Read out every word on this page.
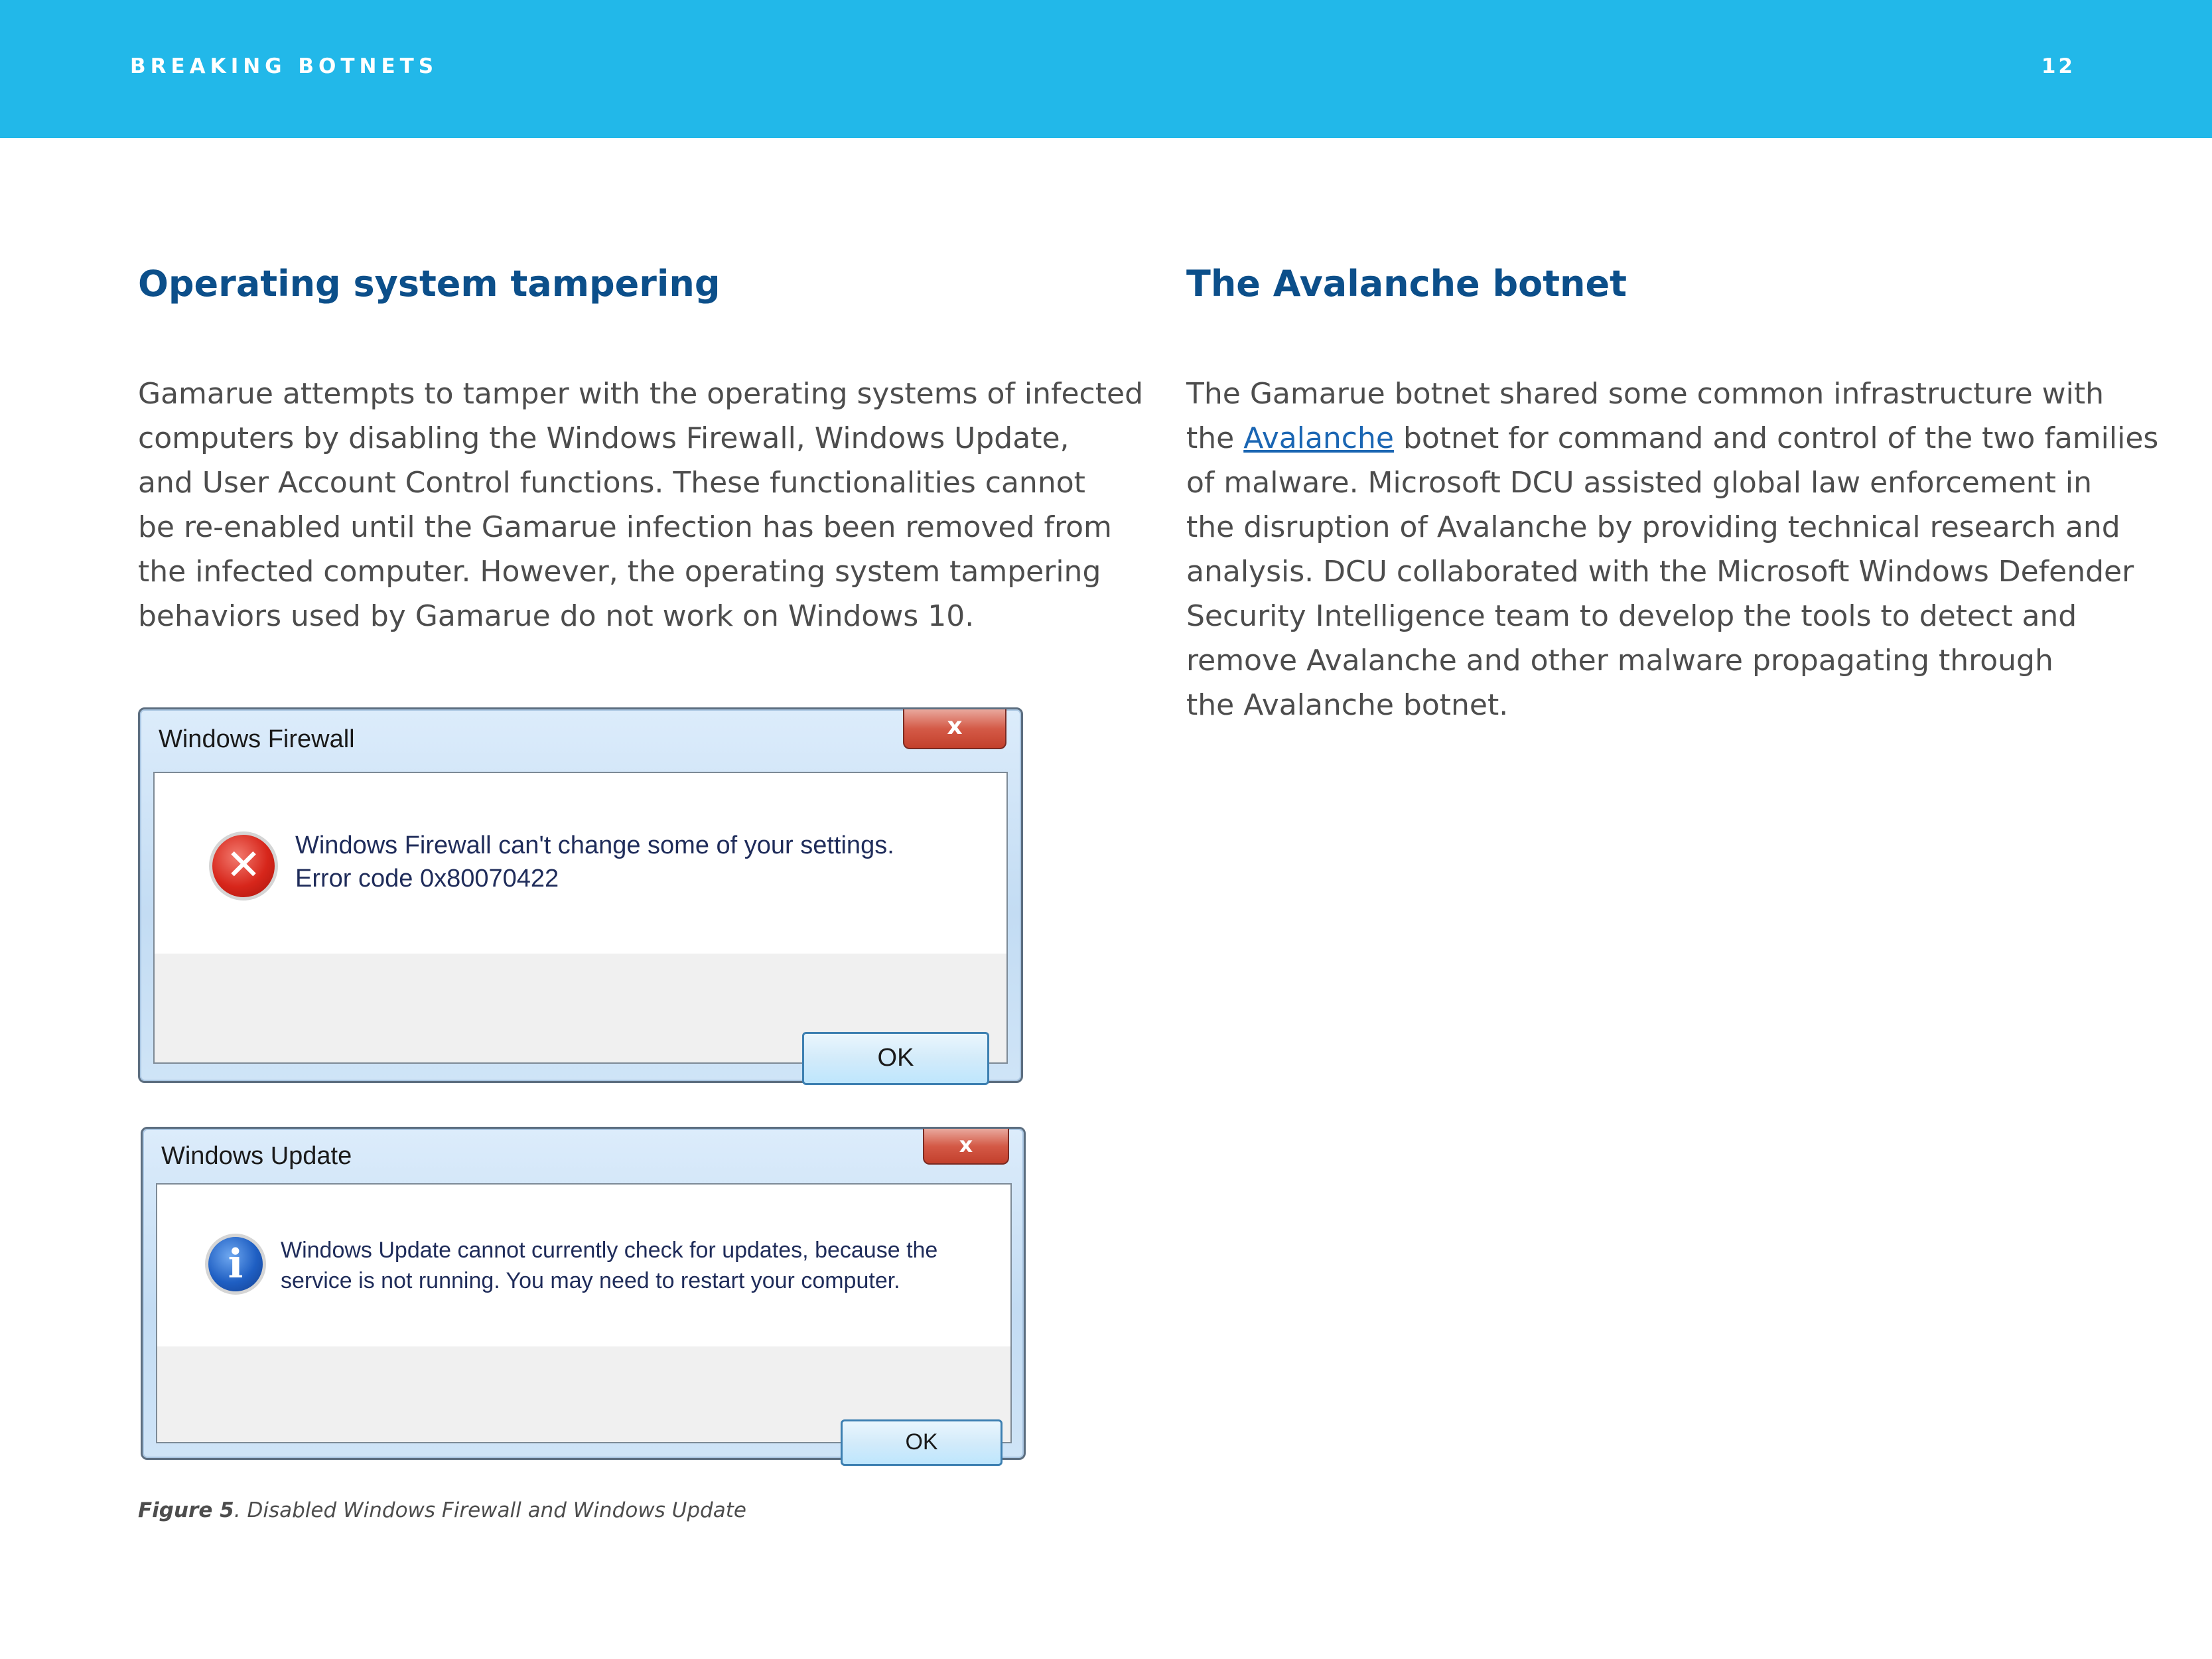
BREAKING BOTNETS	12
Operating system tampering

Gamarue attempts to tamper with the operating systems of infected
computers by disabling the Windows Firewall, Windows Update,
and User Account Control functions. These functionalities cannot
be re-enabled until the Gamarue infection has been removed from
the infected computer. However, the operating system tampering
behaviors used by Gamarue do not work on Windows 10.

The Avalanche botnet

The Gamarue botnet shared some common infrastructure with
the Avalanche botnet for command and control of the two families
of malware. Microsoft DCU assisted global law enforcement in
the disruption of Avalanche by providing technical research and
analysis. DCU collaborated with the Microsoft Windows Defender
Security Intelligence team to develop the tools to detect and
remove Avalanche and other malware propagating through
the Avalanche botnet.

Windows Firewall	x
✕	Windows Firewall can't change some of your settings.
Error code 0x80070422
OK
Windows Update	x
i	Windows Update cannot currently check for updates, because the
service is not running. You may need to restart your computer.
OK
Figure 5. Disabled Windows Firewall and Windows Update
